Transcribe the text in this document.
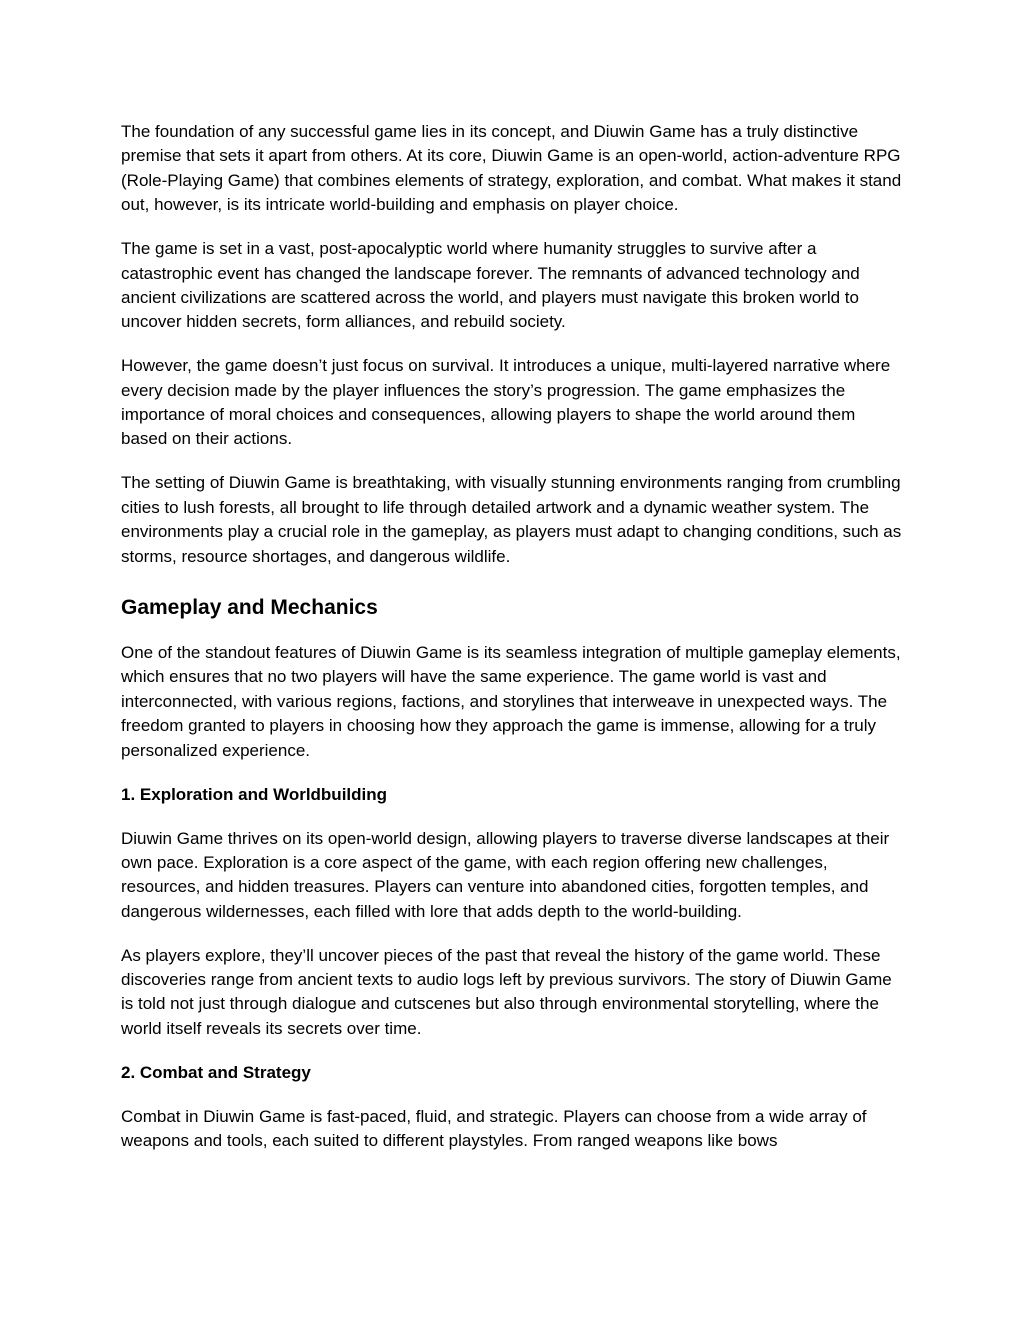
The foundation of any successful game lies in its concept, and Diuwin Game has a truly distinctive premise that sets it apart from others. At its core, Diuwin Game is an open-world, action-adventure RPG (Role-Playing Game) that combines elements of strategy, exploration, and combat. What makes it stand out, however, is its intricate world-building and emphasis on player choice.

The game is set in a vast, post-apocalyptic world where humanity struggles to survive after a catastrophic event has changed the landscape forever. The remnants of advanced technology and ancient civilizations are scattered across the world, and players must navigate this broken world to uncover hidden secrets, form alliances, and rebuild society.

However, the game doesn’t just focus on survival. It introduces a unique, multi-layered narrative where every decision made by the player influences the story’s progression. The game emphasizes the importance of moral choices and consequences, allowing players to shape the world around them based on their actions.

The setting of Diuwin Game is breathtaking, with visually stunning environments ranging from crumbling cities to lush forests, all brought to life through detailed artwork and a dynamic weather system. The environments play a crucial role in the gameplay, as players must adapt to changing conditions, such as storms, resource shortages, and dangerous wildlife.

Gameplay and Mechanics

One of the standout features of Diuwin Game is its seamless integration of multiple gameplay elements, which ensures that no two players will have the same experience. The game world is vast and interconnected, with various regions, factions, and storylines that interweave in unexpected ways. The freedom granted to players in choosing how they approach the game is immense, allowing for a truly personalized experience.

1. Exploration and Worldbuilding

Diuwin Game thrives on its open-world design, allowing players to traverse diverse landscapes at their own pace. Exploration is a core aspect of the game, with each region offering new challenges, resources, and hidden treasures. Players can venture into abandoned cities, forgotten temples, and dangerous wildernesses, each filled with lore that adds depth to the world-building.

As players explore, they’ll uncover pieces of the past that reveal the history of the game world. These discoveries range from ancient texts to audio logs left by previous survivors. The story of Diuwin Game is told not just through dialogue and cutscenes but also through environmental storytelling, where the world itself reveals its secrets over time.

2. Combat and Strategy

Combat in Diuwin Game is fast-paced, fluid, and strategic. Players can choose from a wide array of weapons and tools, each suited to different playstyles. From ranged weapons like bows
